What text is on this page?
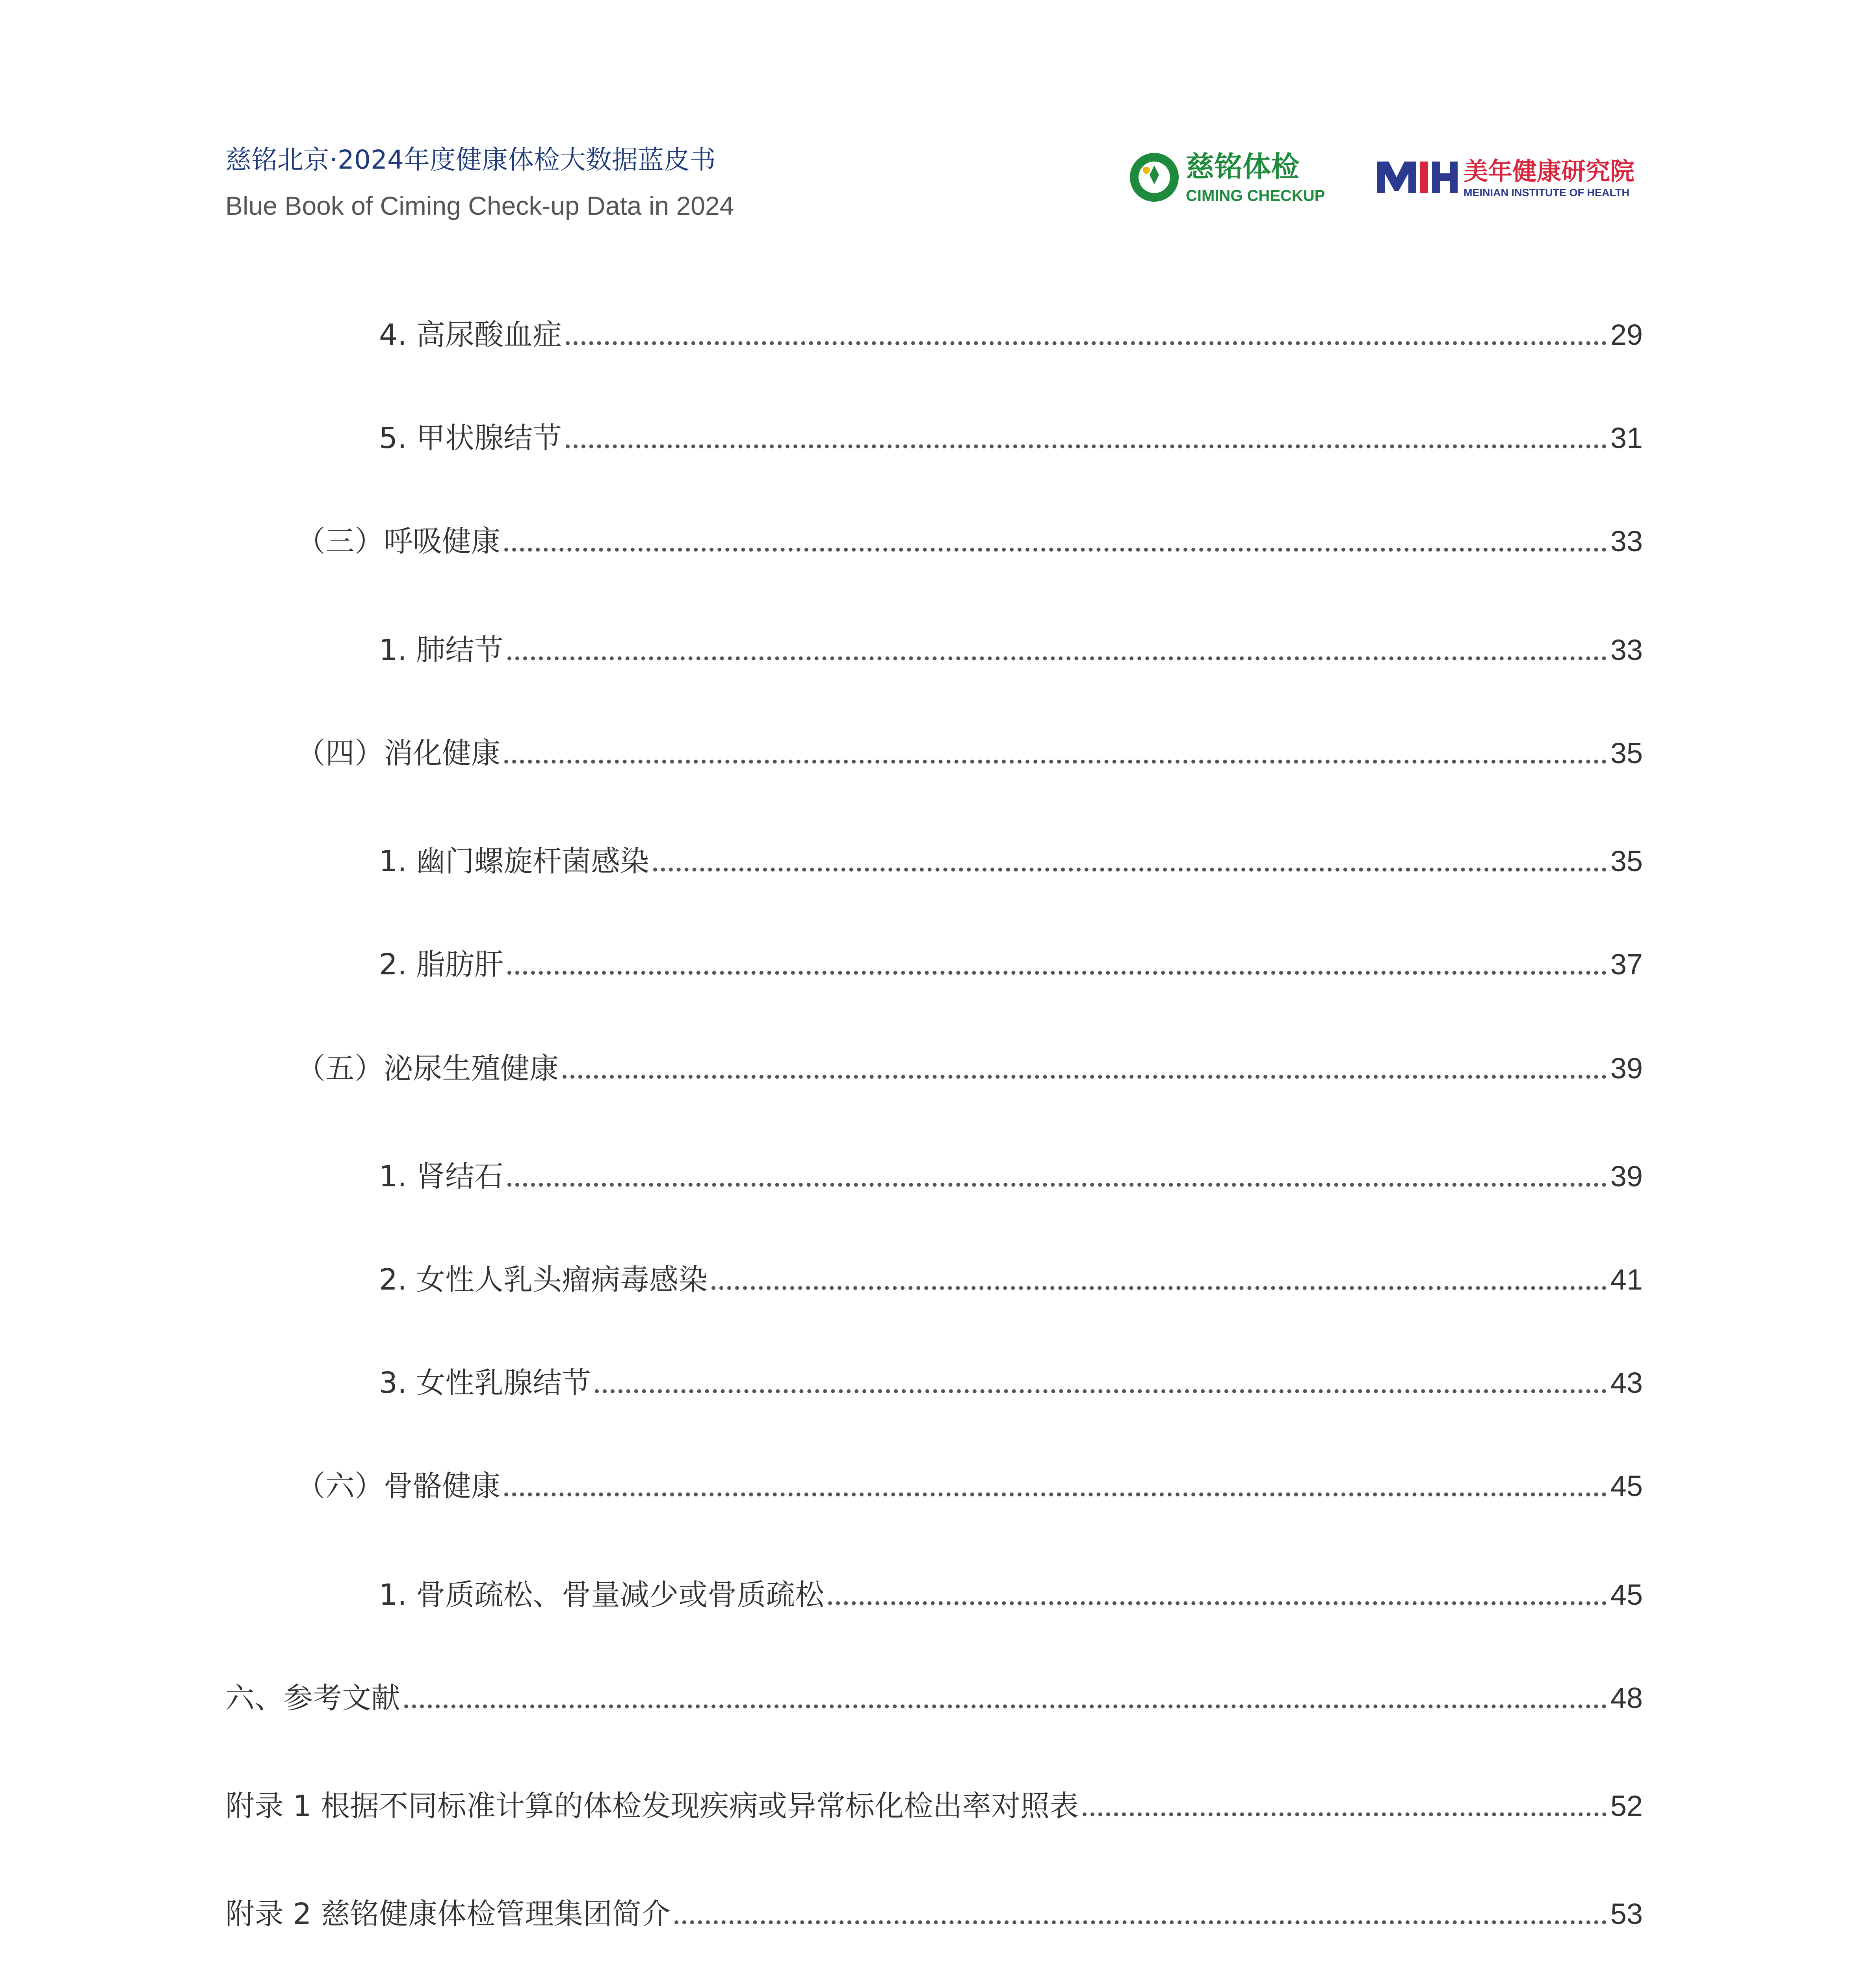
慈铭北京·2024年度健康体检大数据蓝皮书
Blue Book of Ciming Check-up Data in 2024
慈铭体检
CIMING CHECKUP
美年健康研究院
MEINIAN INSTITUTE OF HEALTH
4. 高尿酸血症	29
5. 甲状腺结节	31
（三）呼吸健康	33
1. 肺结节	33
（四）消化健康	35
1. 幽门螺旋杆菌感染	35
2. 脂肪肝	37
（五）泌尿生殖健康	39
1. 肾结石	39
2. 女性人乳头瘤病毒感染	41
3. 女性乳腺结节	43
（六）骨骼健康	45
1. 骨质疏松、骨量减少或骨质疏松	45
六、参考文献	48
附录 1 根据不同标准计算的体检发现疾病或异常标化检出率对照表	52
附录 2 慈铭健康体检管理集团简介	53
